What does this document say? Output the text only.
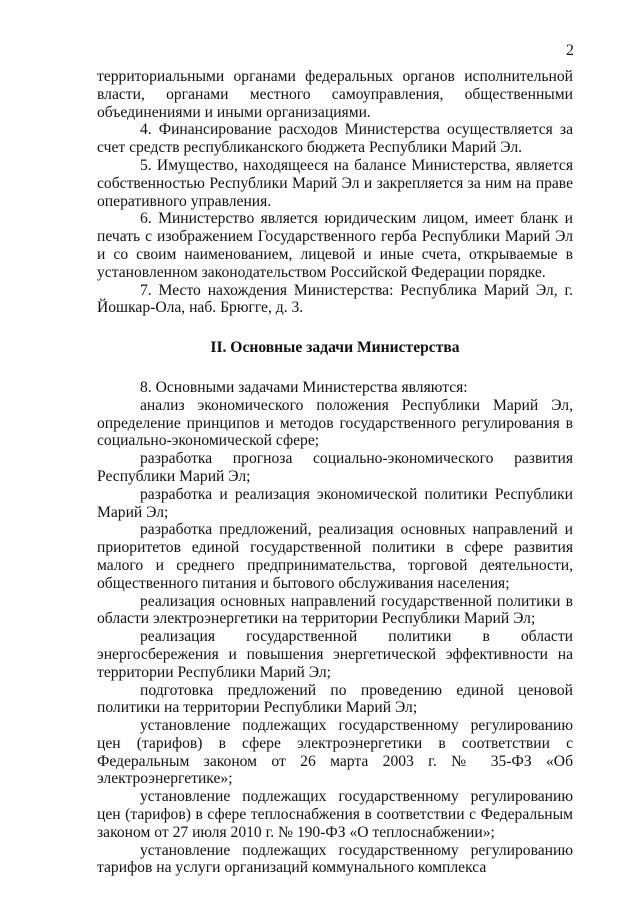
2

территориальными органами федеральных органов исполнительной власти, органами местного самоуправления, общественными объединениями и иными организациями.

4. Финансирование расходов Министерства осуществляется за счет средств республиканского бюджета Республики Марий Эл.

5. Имущество, находящееся на балансе Министерства, является собственностью Республики Марий Эл и закрепляется за ним на праве оперативного управления.

6. Министерство является юридическим лицом, имеет бланк и печать с изображением Государственного герба Республики Марий Эл и со своим наименованием, лицевой и иные счета, открываемые в установленном законодательством Российской Федерации порядке.

7. Место нахождения Министерства: Республика Марий Эл, г. Йошкар-Ола, наб. Брюгге, д. 3.

II. Основные задачи Министерства

8. Основными задачами Министерства являются:

анализ экономического положения Республики Марий Эл, определение принципов и методов государственного регулирования в социально-экономической сфере;

разработка прогноза социально-экономического развития Республики Марий Эл;

разработка и реализация экономической политики Республики Марий Эл;

разработка предложений, реализация основных направлений и приоритетов единой государственной политики в сфере развития малого и среднего предпринимательства, торговой деятельности, общественного питания и бытового обслуживания населения;

реализация основных направлений государственной политики в области электроэнергетики на территории Республики Марий Эл;

реализация государственной политики в области энергосбережения и повышения энергетической эффективности на территории Республики Марий Эл;

подготовка предложений по проведению единой ценовой политики на территории Республики Марий Эл;

установление подлежащих государственному регулированию цен (тарифов) в сфере электроэнергетики в соответствии с Федеральным законом от 26 марта 2003 г. № 35-ФЗ «Об электроэнергетике»;

установление подлежащих государственному регулированию цен (тарифов) в сфере теплоснабжения в соответствии с Федеральным законом от 27 июля 2010 г. № 190-ФЗ «О теплоснабжении»;

установление подлежащих государственному регулированию тарифов на услуги организаций коммунального комплекса
